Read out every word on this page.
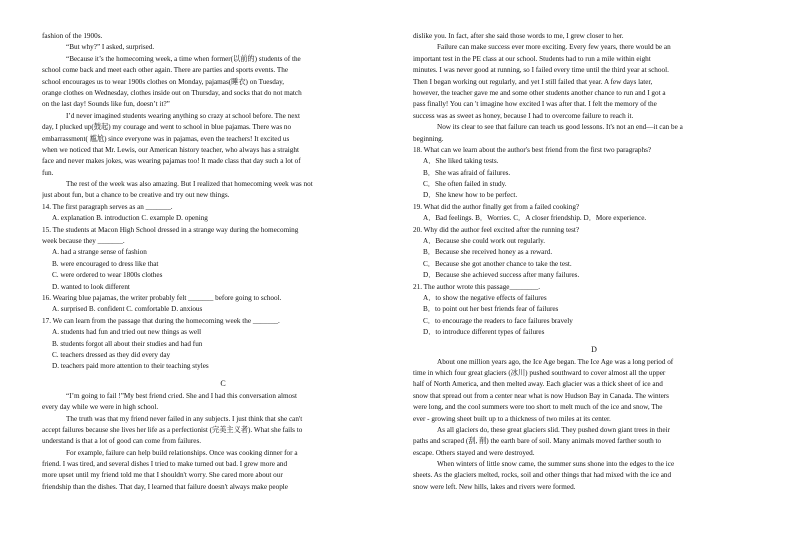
fashion of the 1900s.
“But why?” I asked, surprised.
“Because it’s the homecoming week, a time when former(以前的) students of the
school come back and meet each other again. There are parties and sports events. The
school encourages us to wear 1900s clothes on Monday, pajamas(睡衣) on Tuesday,
orange clothes on Wednesday, clothes inside out on Thursday, and socks that do not match
on the last day! Sounds like fun, doesn’t it?”
I’d never imagined students wearing anything so crazy at school before. The next
day, I plucked up(鼓起) my courage and went to school in blue pajamas. There was no
embarrassment( 尴尬) since everyone was in pajamas, even the teachers! It excited us
when we noticed that Mr. Lewis, our American history teacher, who always has a straight
face and never makes jokes, was wearing pajamas too! It made class that day such a lot of
fun.
The rest of the week was also amazing. But I realized that homecoming week was not
just about fun, but a chance to be creative and try out new things.
14. The first paragraph serves as an _______.
A. explanation B. introduction C. example D. opening
15. The students at Macon High School dressed in a strange way during the homecoming
week because they _______.
A. had a strange sense of fashion
B. were encouraged to dress like that
C. were ordered to wear 1800s clothes
D. wanted to look different
16. Wearing blue pajamas, the writer probably felt _______ before going to school.
A. surprised B. confident C. comfortable D. anxious
17. We can learn from the passage that during the homecoming week the _______.
A. students had fun and tried out new things as well
B. students forgot all about their studies and had fun
C. teachers dressed as they did every day
D. teachers paid more attention to their teaching styles
C
“I’m going to fail !”My best friend cried. She and I had this conversation almost
every day while we were in high school.
The truth was that my friend never failed in any subjects. I just think that she can't
accept failures because she lives her life as a perfectionist (完美主义者). What she fails to
understand is that a lot of good can come from failures.
For example, failure can help build relationships. Once was cooking dinner for a
friend. I was tired, and several dishes I tried to make turned out bad. I grew more and
more upset until my friend told me that I shouldn't worry. She cared more about our
friendship than the dishes. That day, I learned that failure doesn't always make people
dislike you. In fact, after she said those words to me, I grew closer to her.
Failure can make success ever more exciting. Every few years, there would be an
important test in the PE class at our school. Students had to run a mile within eight
minutes. I was never good at running, so I failed every time until the third year at school.
Then I began working out regularly, and yet I still failed that year. A few days later,
however, the teacher gave me and some other students another chance to run and I got a
pass finally! You can 't imagine how excited I was after that. I felt the memory of the
success was as sweet as honey, because I had to overcome failure to reach it.
Now its clear to see that failure can teach us good lessons. It's not an end—it can be a
beginning.
18. What can we learn about the author's best friend from the first two paragraphs?
A．She liked taking tests.
B．She was afraid of failures.
C．She often failed in study.
D．She knew how to be perfect.
19. What did the author finally get from a failed cooking?
A．Bad feelings. B．Worries. C．A closer friendship. D．More experience.
20. Why did the author feel excited after the running test?
A．Because she could work out regularly.
B．Because she received honey as a reward.
C．Because she got another chance to take the test.
D．Because she achieved success after many failures.
21. The author wrote this passage________.
A．to show the negative effects of failures
B．to point out her best friends fear of failures
C．to encourage the readers to face failures bravely
D．to introduce different types of failures
D
About one million years ago, the Ice Age began. The Ice Age was a long period of
time in which four great glaciers (冰川) pushed southward to cover almost all the upper
half of North America, and then melted away. Each glacier was a thick sheet of ice and
snow that spread out from a center near what is now Hudson Bay in Canada. The winters
were long, and the cool summers were too short to melt much of the ice and snow, The
ever - growing sheet built up to a thickness of two miles at its center.
As all glaciers do, these great glaciers slid. They pushed down giant trees in their
paths and scraped (刮, 削) the earth bare of soil. Many animals moved farther south to
escape. Others stayed and were destroyed.
When winters of little snow came, the summer suns shone into the edges to the ice
sheets. As the glaciers melted, rocks, soil and other things that had mixed with the ice and
snow were left. New hills, lakes and rivers were formed.
